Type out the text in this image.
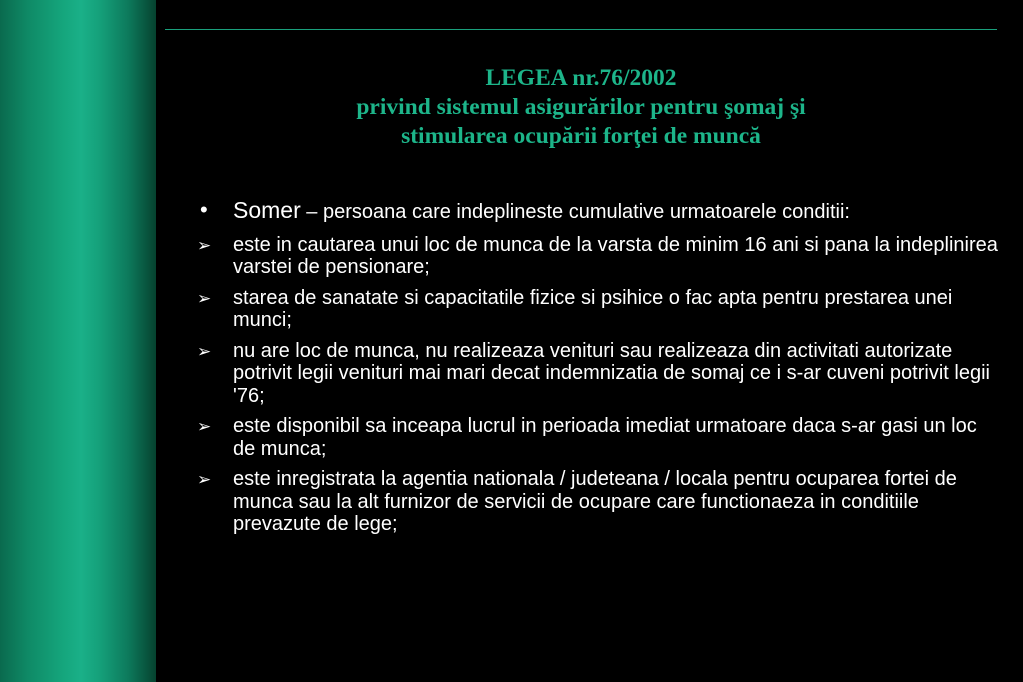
LEGEA nr.76/2002
privind sistemul asigurărilor pentru şomaj şi
stimularea ocupării forţei de muncă
•	Somer – persoana care indeplineste cumulative urmatoarele conditii:
➢	este in cautarea unui loc de munca de la varsta de minim 16 ani si pana la indeplinirea varstei de pensionare;
➢	starea de sanatate si capacitatile fizice si psihice o fac apta pentru prestarea unei munci;
➢	nu are loc de munca, nu realizeaza venituri sau realizeaza din activitati autorizate potrivit legii venituri mai mari decat indemnizatia de somaj ce i s-ar cuveni potrivit legii '76;
➢	este disponibil sa inceapa lucrul in perioada imediat urmatoare daca s-ar gasi un loc de munca;
➢	este inregistrata la agentia nationala / judeteana / locala pentru ocuparea fortei de munca sau la alt furnizor de servicii de ocupare care functionaeza in conditiile prevazute de lege;
